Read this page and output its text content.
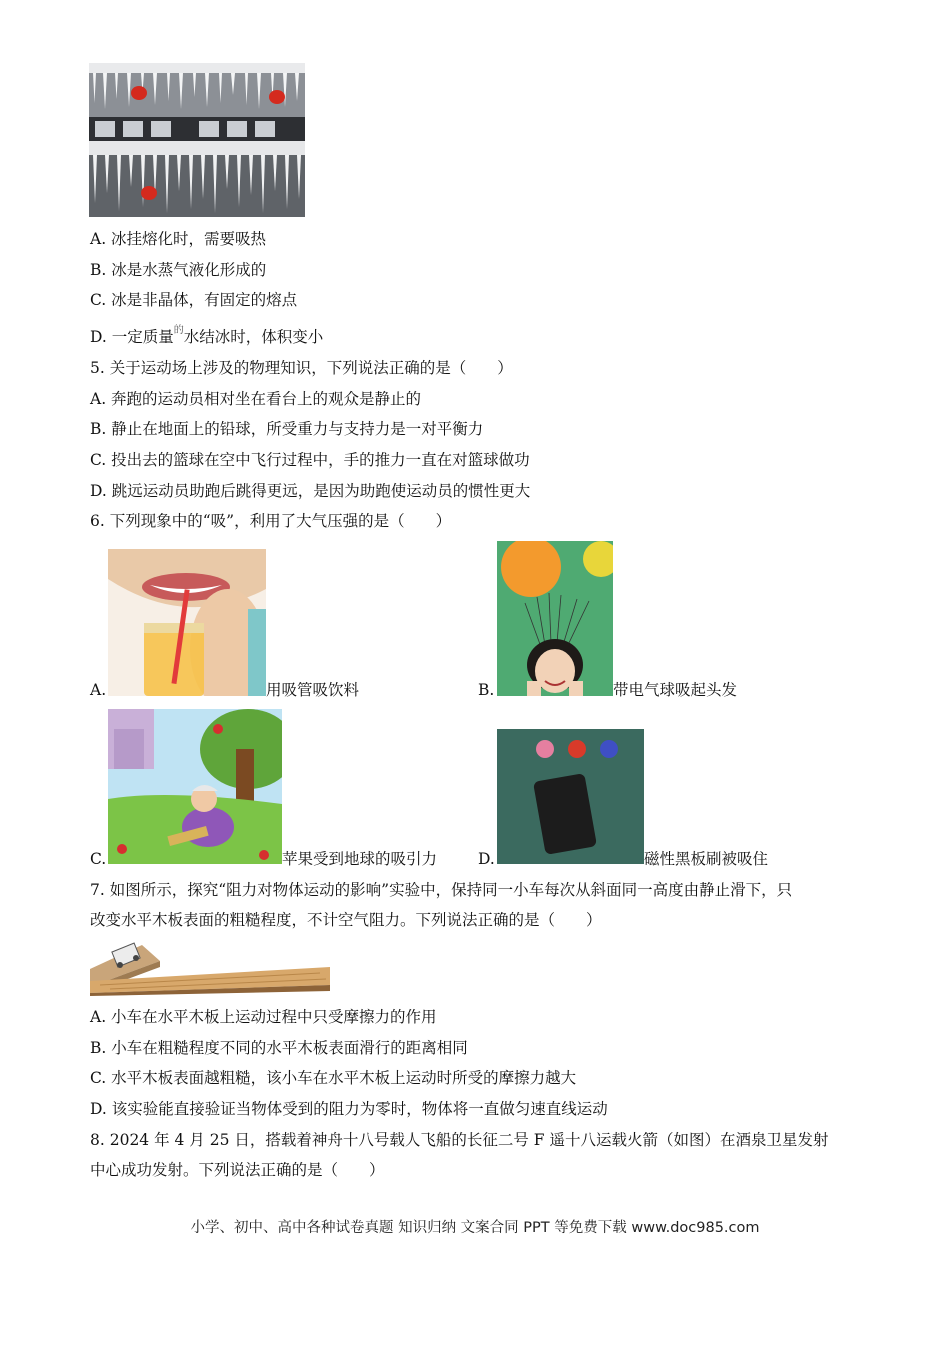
A. 冰挂熔化时，需要吸热
B. 冰是水蒸气液化形成的
C. 冰是非晶体，有固定的熔点
D. 一定质量$^的$水结冰时，体积变小
5. 关于运动场上涉及的物理知识，下列说法正确的是（　　）
A. 奔跑的运动员相对坐在看台上的观众是静止的
B. 静止在地面上的铅球，所受重力与支持力是一对平衡力
C. 投出去的篮球在空中飞行过程中，手的推力一直在对篮球做功
D. 跳远运动员助跑后跳得更远，是因为助跑使运动员的惯性更大
6. 下列现象中的“吸”，利用了大气压强的是（　　）
A.	用吸管吸饮料	B.	带电气球吸起头发
C.	苹果受到地球的吸引力	D.	磁性黑板刷被吸住
7. 如图所示，探究“阻力对物体运动的影响”实验中，保持同一小车每次从斜面同一高度由静止滑下，只
改变水平木板表面的粗糙程度，不计空气阻力。下列说法正确的是（　　）
A. 小车在水平木板上运动过程中只受摩擦力的作用
B. 小车在粗糙程度不同的水平木板表面滑行的距离相同
C. 水平木板表面越粗糙，该小车在水平木板上运动时所受的摩擦力越大
D. 该实验能直接验证当物体受到的阻力为零时，物体将一直做匀速直线运动
8. 2024 年 4 月 25 日，搭载着神舟十八号载人飞船的长征二号 F 遥十八运载火箭（如图）在酒泉卫星发射
中心成功发射。下列说法正确的是（　　）
小学、初中、高中各种试卷真题 知识归纳 文案合同 PPT 等免费下载 www.doc985.com
